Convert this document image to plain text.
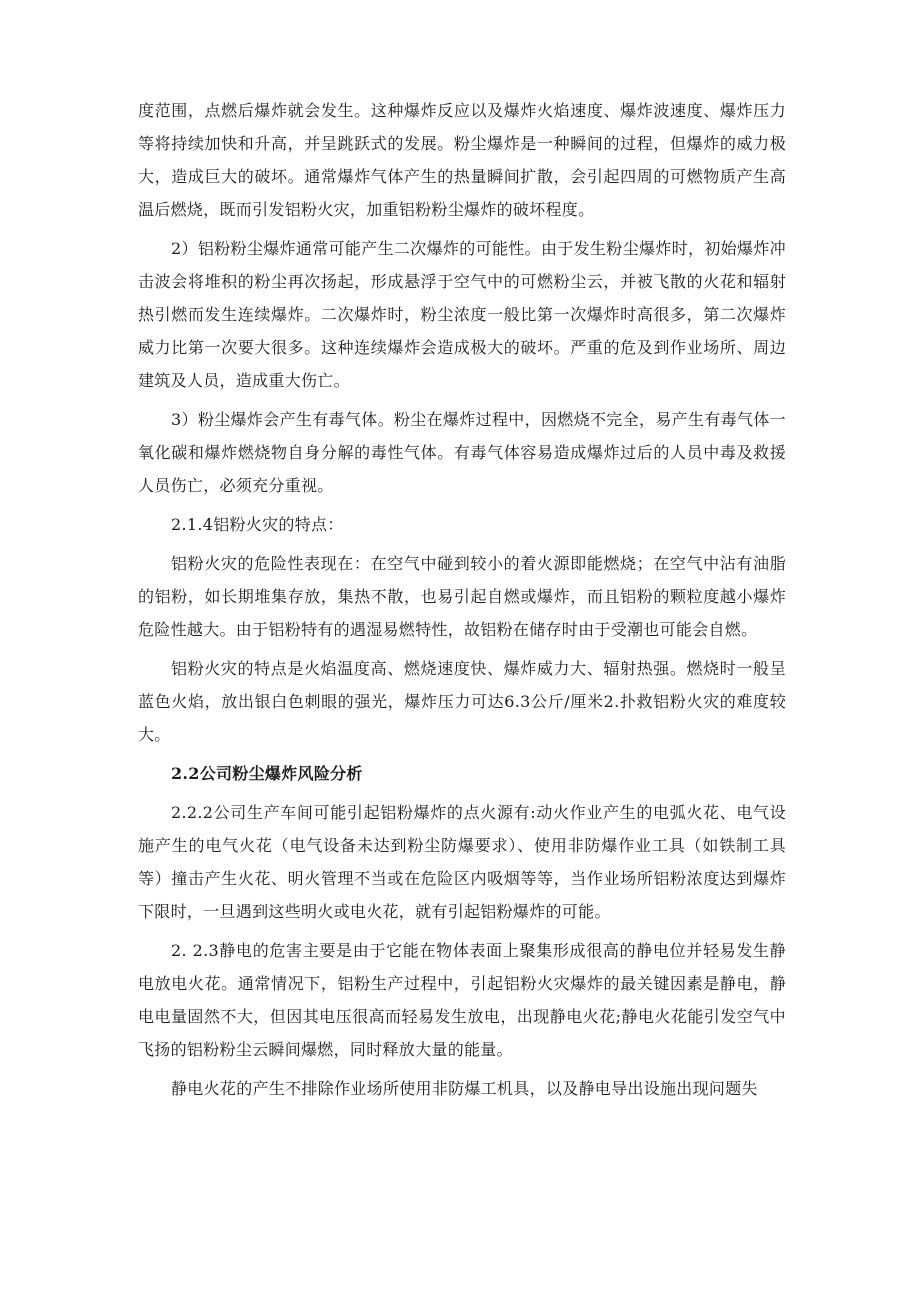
度范围，点燃后爆炸就会发生。这种爆炸反应以及爆炸火焰速度、爆炸波速度、爆炸压力等将持续加快和升高，并呈跳跃式的发展。粉尘爆炸是一种瞬间的过程，但爆炸的威力极大，造成巨大的破坏。通常爆炸气体产生的热量瞬间扩散，会引起四周的可燃物质产生高温后燃烧，既而引发铝粉火灾，加重铝粉粉尘爆炸的破坏程度。

2）铝粉粉尘爆炸通常可能产生二次爆炸的可能性。由于发生粉尘爆炸时，初始爆炸冲击波会将堆积的粉尘再次扬起，形成悬浮于空气中的可燃粉尘云，并被飞散的火花和辐射热引燃而发生连续爆炸。二次爆炸时，粉尘浓度一般比第一次爆炸时高很多，第二次爆炸威力比第一次要大很多。这种连续爆炸会造成极大的破坏。严重的危及到作业场所、周边建筑及人员，造成重大伤亡。

3）粉尘爆炸会产生有毒气体。粉尘在爆炸过程中，因燃烧不完全，易产生有毒气体一氧化碳和爆炸燃烧物自身分解的毒性气体。有毒气体容易造成爆炸过后的人员中毒及救援人员伤亡，必须充分重视。

2.1.4铝粉火灾的特点：

铝粉火灾的危险性表现在：在空气中碰到较小的着火源即能燃烧；在空气中沾有油脂的铝粉，如长期堆集存放，集热不散，也易引起自燃或爆炸，而且铝粉的颗粒度越小爆炸危险性越大。由于铝粉特有的遇湿易燃特性，故铝粉在储存时由于受潮也可能会自燃。

铝粉火灾的特点是火焰温度高、燃烧速度快、爆炸威力大、辐射热强。燃烧时一般呈蓝色火焰，放出银白色刺眼的强光，爆炸压力可达6.3公斤/厘米2.扑救铝粉火灾的难度较大。

2.2公司粉尘爆炸风险分析

2.2.2公司生产车间可能引起铝粉爆炸的点火源有:动火作业产生的电弧火花、电气设施产生的电气火花（电气设备未达到粉尘防爆要求）、使用非防爆作业工具（如铁制工具等）撞击产生火花、明火管理不当或在危险区内吸烟等等，当作业场所铝粉浓度达到爆炸下限时，一旦遇到这些明火或电火花，就有引起铝粉爆炸的可能。

2. 2.3静电的危害主要是由于它能在物体表面上聚集形成很高的静电位并轻易发生静电放电火花。通常情况下，铝粉生产过程中，引起铝粉火灾爆炸的最关键因素是静电，静电电量固然不大，但因其电压很高而轻易发生放电，出现静电火花;静电火花能引发空气中飞扬的铝粉粉尘云瞬间爆燃，同时释放大量的能量。

静电火花的产生不排除作业场所使用非防爆工机具，以及静电导出设施出现问题失
